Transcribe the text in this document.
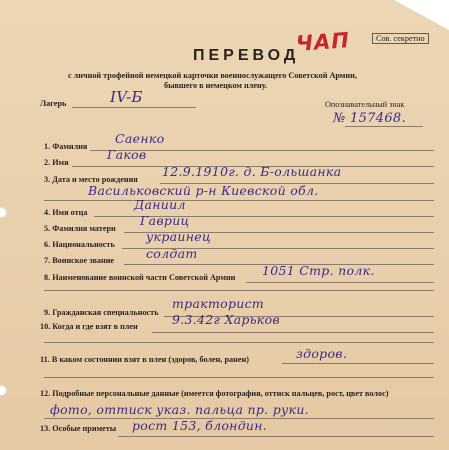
Сов. секретно
ПЕРЕВОД
ЧАП
с личной трофейной немецкой карточки военнослужащего Советской Армии,
бывшего в немецком плену.
Лагерь	IV-Б	Опознавательный знак
№ 157468.
1. Фамилия
Саенко
2. Имя
Гаков
3. Дата и место рождения
12.9.1910г. д. Б-ольшанка
Васильковский р-н Киевской обл.
4. Имя отца
Даниил
5. Фамилия матери
Гавриц
6. Национальность
украинец
7. Воинское звание	солдат
8. Наименование воинской части Советской Армии 1051 Стр. полк.
9. Гражданская специальность
тракторист
10. Когда и где взят в плен	9.3.42г Харьков
11. В каком состоянии взят в плен (здоров, болен, ранен)	здоров.
12. Подробные персональные данные (имеется фотография, оттиск пальцев, рост, цвет волос)
фото, оттиск указ. пальца пр. руки.
13. Особые приметы рост 153, блондин.
